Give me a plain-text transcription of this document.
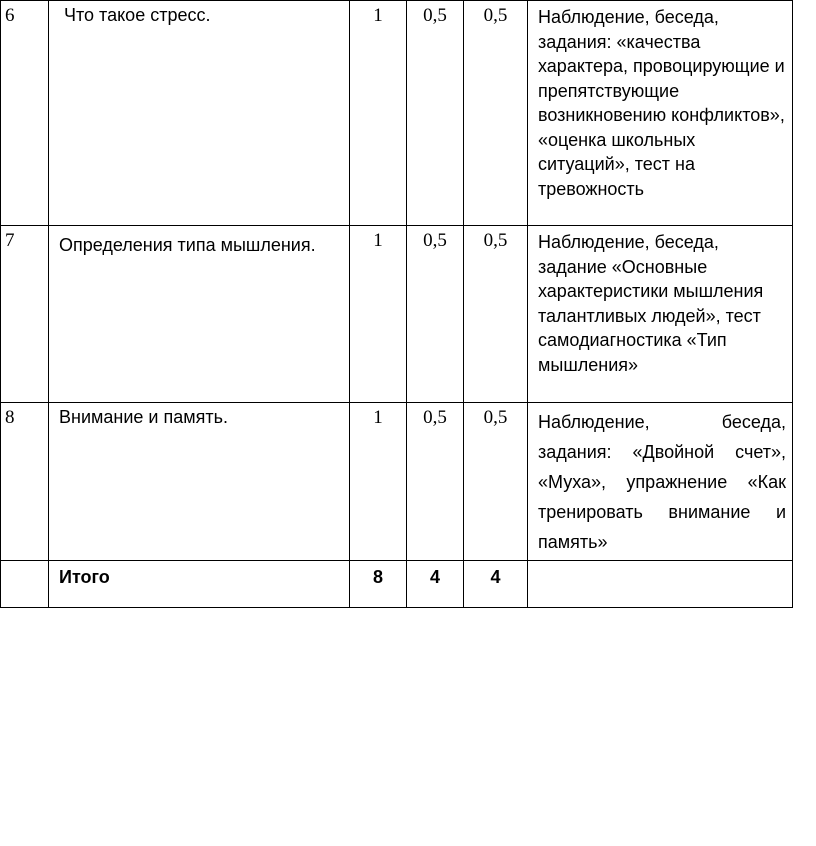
6	Что такое стресс.	1	0,5	0,5	Наблюдение, беседа, задания: «качества характера, провоцирующие и препятствующие возникновению конфликтов», «оценка школьных ситуаций», тест на тревожность
7	Определения типа мышления.	1	0,5	0,5	Наблюдение, беседа, задание «Основные характеристики мышления талантливых людей», тест самодиагностика «Тип мышления»
8	Внимание и память.	1	0,5	0,5	Наблюдение, беседа, задания: «Двойной счет», «Муха», упражнение «Как тренировать внимание и память»
	Итого	8	4	4	
